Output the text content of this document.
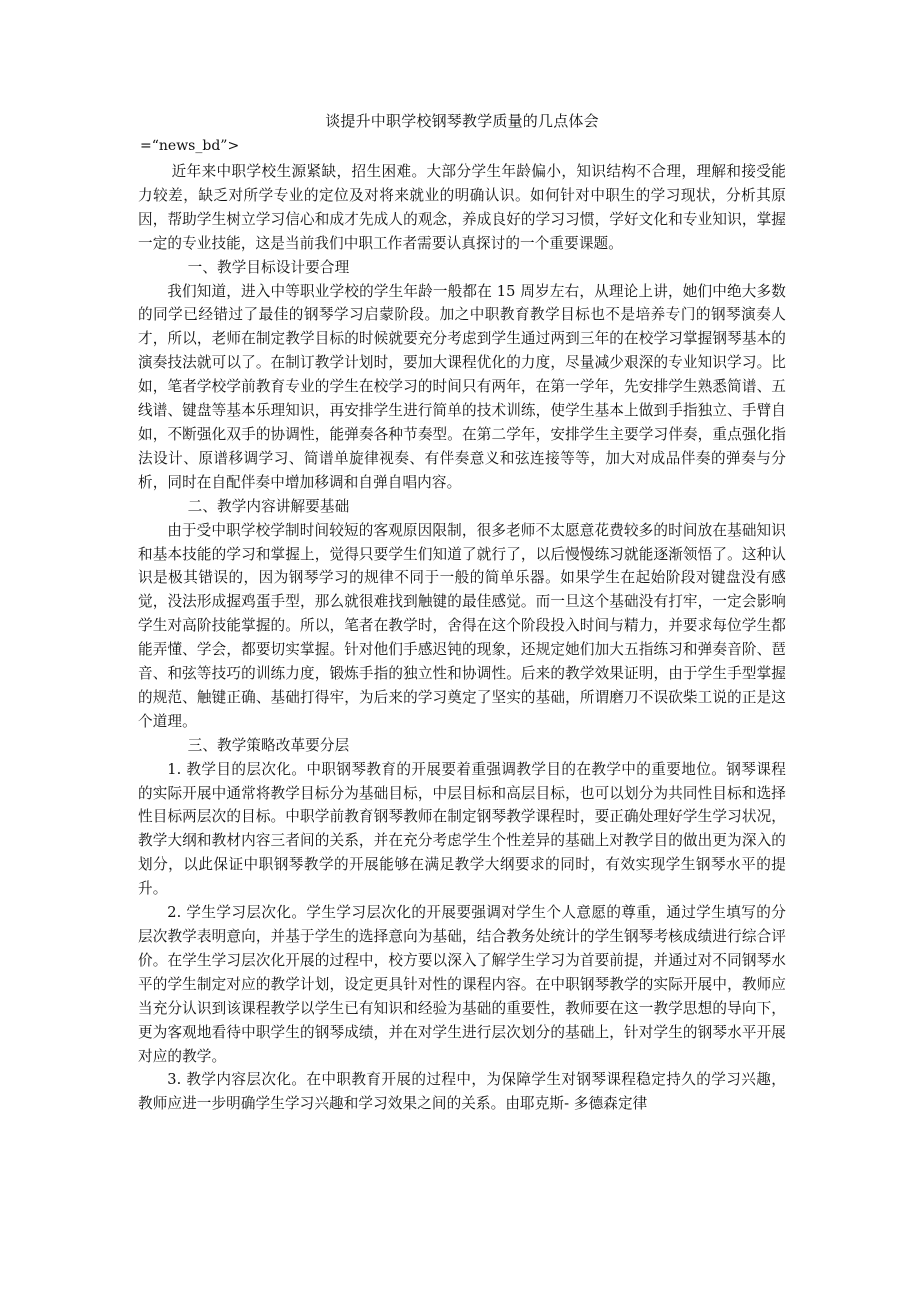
谈提升中职学校钢琴教学质量的几点体会
=“news_bd”>

近年来中职学校生源紧缺，招生困难。大部分学生年龄偏小，知识结构不合理，理解和接受能力较差，缺乏对所学专业的定位及对将来就业的明确认识。如何针对中职生的学习现状，分析其原因，帮助学生树立学习信心和成才先成人的观念，养成良好的学习习惯，学好文化和专业知识，掌握一定的专业技能，这是当前我们中职工作者需要认真探讨的一个重要课题。

一、教学目标设计要合理

我们知道，进入中等职业学校的学生年龄一般都在 15 周岁左右，从理论上讲，她们中绝大多数的同学已经错过了最佳的钢琴学习启蒙阶段。加之中职教育教学目标也不是培养专门的钢琴演奏人才，所以，老师在制定教学目标的时候就要充分考虑到学生通过两到三年的在校学习掌握钢琴基本的演奏技法就可以了。在制订教学计划时，要加大课程优化的力度，尽量减少艰深的专业知识学习。比如，笔者学校学前教育专业的学生在校学习的时间只有两年，在第一学年，先安排学生熟悉简谱、五线谱、键盘等基本乐理知识，再安排学生进行简单的技术训练，使学生基本上做到手指独立、手臂自如，不断强化双手的协调性，能弹奏各种节奏型。在第二学年，安排学生主要学习伴奏，重点强化指法设计、原谱移调学习、简谱单旋律视奏、有伴奏意义和弦连接等等，加大对成品伴奏的弹奏与分析，同时在自配伴奏中增加移调和自弹自唱内容。

二、教学内容讲解要基础

由于受中职学校学制时间较短的客观原因限制，很多老师不太愿意花费较多的时间放在基础知识和基本技能的学习和掌握上，觉得只要学生们知道了就行了，以后慢慢练习就能逐渐领悟了。这种认识是极其错误的，因为钢琴学习的规律不同于一般的简单乐器。如果学生在起始阶段对键盘没有感觉，没法形成握鸡蛋手型，那么就很难找到触键的最佳感觉。而一旦这个基础没有打牢，一定会影响学生对高阶技能掌握的。所以，笔者在教学时，舍得在这个阶段投入时间与精力，并要求每位学生都能弄懂、学会，都要切实掌握。针对他们手感迟钝的现象，还规定她们加大五指练习和弹奏音阶、琶音、和弦等技巧的训练力度，锻炼手指的独立性和协调性。后来的教学效果证明，由于学生手型掌握的规范、触键正确、基础打得牢，为后来的学习奠定了坚实的基础，所谓磨刀不误砍柴工说的正是这个道理。

三、教学策略改革要分层

1. 教学目的层次化。中职钢琴教育的开展要着重强调教学目的在教学中的重要地位。钢琴课程的实际开展中通常将教学目标分为基础目标，中层目标和高层目标，也可以划分为共同性目标和选择性目标两层次的目标。中职学前教育钢琴教师在制定钢琴教学课程时，要正确处理好学生学习状况，教学大纲和教材内容三者间的关系，并在充分考虑学生个性差异的基础上对教学目的做出更为深入的划分，以此保证中职钢琴教学的开展能够在满足教学大纲要求的同时，有效实现学生钢琴水平的提升。

2. 学生学习层次化。学生学习层次化的开展要强调对学生个人意愿的尊重，通过学生填写的分层次教学表明意向，并基于学生的选择意向为基础，结合教务处统计的学生钢琴考核成绩进行综合评价。在学生学习层次化开展的过程中，校方要以深入了解学生学习为首要前提，并通过对不同钢琴水平的学生制定对应的教学计划，设定更具针对性的课程内容。在中职钢琴教学的实际开展中，教师应当充分认识到该课程教学以学生已有知识和经验为基础的重要性，教师要在这一教学思想的导向下，更为客观地看待中职学生的钢琴成绩，并在对学生进行层次划分的基础上，针对学生的钢琴水平开展对应的教学。

3. 教学内容层次化。在中职教育开展的过程中，为保障学生对钢琴课程稳定持久的学习兴趣，教师应进一步明确学生学习兴趣和学习效果之间的关系。由耶克斯- 多德森定律
